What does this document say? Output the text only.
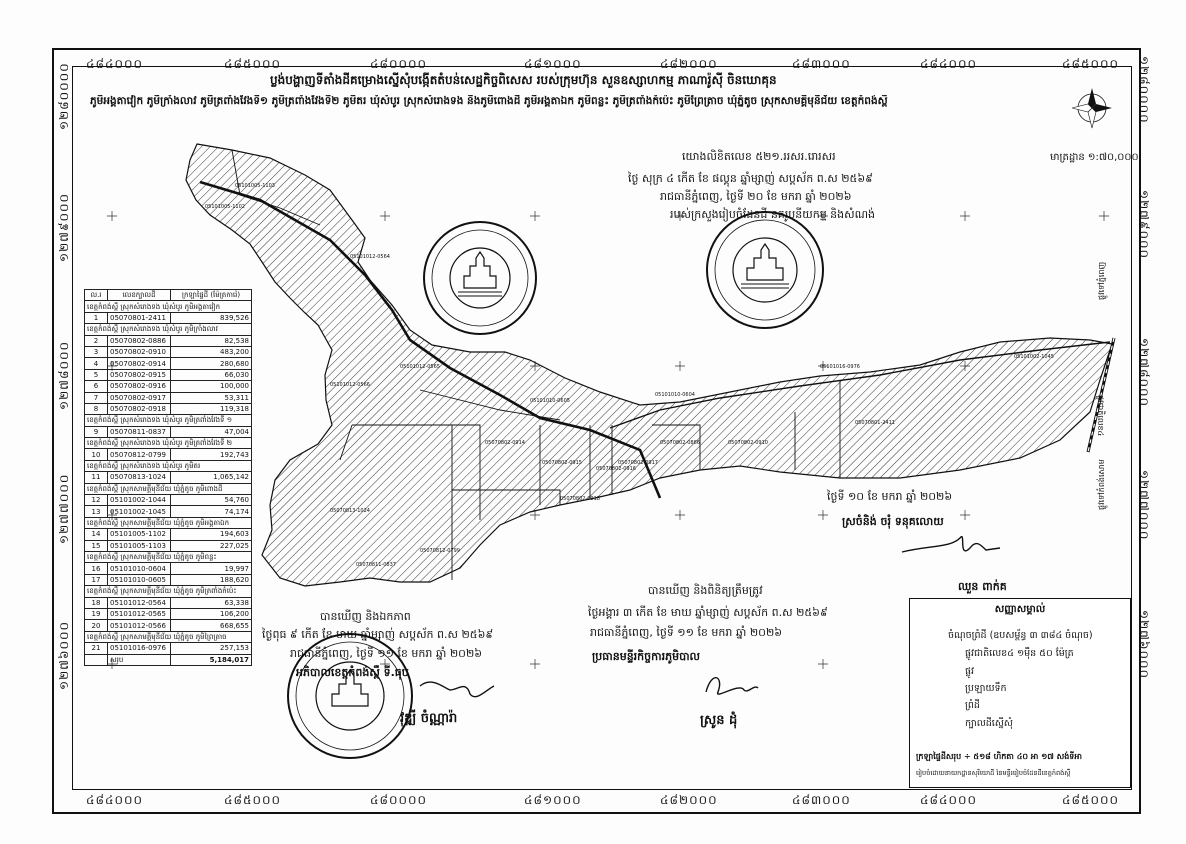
៤៨៤០០០	៤៨៥០០០	៤៨០០០០	៤៨១០០០	៤៨២០០០	៤៨៣០០០	៤៨៤០០០	៤៨៥០០០
៤៨៤០០០	៤៨៥០០០	៤៨០០០០	៤៨១០០០	៤៨២០០០	៤៨៣០០០	៤៨៤០០០	៤៨៥០០០
១២៨០០០០
១២៧៩០០០
១២៧៨០០០
១២៧៧០០០
១២៧៦០០០
១២៨០០០០
១២៧៩០០០
១២៧៨០០០
១២៧៧០០០
១២៧៦០០០
ប្លង់បង្ហាញទីតាំងដីគម្រោងស្នើសុំបង្កើតតំបន់សេដ្ឋកិច្ចពិសេស របស់ក្រុមហ៊ុន សួនឧស្សាហកម្ម ភាណារ៉ូសុី ចិនឃោគុន
ភូមិអង្គតាវៀក ភូមិក្រាំងលាវ ភូមិត្រពាំងវែងទី១ ភូមិត្រពាំងវែងទី២ ភូមិតរ ឃុំសំបូរ ស្រុកសំរោងទង និងភូមិពោងដី ភូមិអង្គតាឯក ភូមិពន្លះ ភូមិត្រពាំងកំប៉េះ ភូមិព្រៃត្រាច ឃុំភ្នំតូច ស្រុកសាមគ្គីមុនីជ័យ ខេត្តកំពង់ស្ពឺ
មាត្រដ្ឋាន ១:៧០,០០០
05101005-1103
05101005-1102
05101012-0564
05101012-0565
05101012-0566
05101010-0605
05101010-0604
05070802-0886	05070802-0910
05101016-0976
05101002-1045
05070801-2411
05070802-0914
05070802-0915
05070802-0916
05070802-0917
05070802-0918
05070813-1024
05070812-0799
05070811-0837
ផ្លូវទៅភ្នំពេញ
ផ្លូវជាតិលេខ៤
ផ្លូវទៅកំពង់សោម
យោងលិខិតលេខ ៥២១.ររសរ.រោរសរ
ថ្ងៃ សុក្រ ៤ កើត ខែ ផល្គុន ឆ្នាំម្សាញ់ សប្តស័ក ព.ស ២៥៦៩
រាជធានីភ្នំពេញ, ថ្ងៃទី ២០ ខែ មករា ឆ្នាំ ២០២៦
របស់ក្រសួងរៀបចំដែនដី នគរូបនីយកម្ម និងសំណង់
ថ្ងៃទី ១០ ខែ មករា ឆ្នាំ ២០២៦
ស្រចំនិង់ ចរុំ ទនុគលោយ
ឈួន ពាក់គ
បានឃើញ និងពិនិត្យត្រឹមត្រូវ
ថ្ងៃអង្គារ ៣ កើត ខែ មាឃ ឆ្នាំម្សាញ់ សប្តស័ក ព.ស ២៥៦៩
រាជធានីភ្នំពេញ, ថ្ងៃទី ១១ ខែ មករា ឆ្នាំ ២០២៦
ប្រធានមន្ទីរកិច្ចការភូមិបាល
ស្រូន ដុំ
បានឃើញ និងឯកភាព
ថ្ងៃពុធ ៩ កើត ខែ មាឃ ឆ្នាំម្សាញ់ សប្តស័ក ព.ស ២៥៦៩
រាជធានីភ្នំពេញ, ថ្ងៃទី ១១ ខែ មករា ឆ្នាំ ២០២៦
អភិបាលខេត្តកំពង់ស្ពឺ ទី.ធុប
វុឌ្ឍី ចំណ្ណារ៉ា
ល.រ	លេខក្បាលដី	ក្រឡាផ្ទៃដី (ម៉ែត្រការ៉េ)
ខេត្តកំពង់ស្ពឺ ស្រុកសំរោងទង ឃុំសំបូរ ភូមិអង្គតាវៀក		
1	05070801-2411	839,526
ខេត្តកំពង់ស្ពឺ ស្រុកសំរោងទង ឃុំសំបូរ ភូមិក្រាំងលាវ		
2	05070802-0886	82,538
3	05070802-0910	483,200
4	05070802-0914	280,680
5	05070802-0915	66,030
6	05070802-0916	100,000
7	05070802-0917	53,311
8	05070802-0918	119,318
ខេត្តកំពង់ស្ពឺ ស្រុកសំរោងទង ឃុំសំបូរ ភូមិត្រពាំងវែងទី ១		
9	05070811-0837	47,004
ខេត្តកំពង់ស្ពឺ ស្រុកសំរោងទង ឃុំសំបូរ ភូមិត្រពាំងវែងទី ២		
10	05070812-0799	192,743
ខេត្តកំពង់ស្ពឺ ស្រុកសំរោងទង ឃុំសំបូរ ភូមិតរ		
11	05070813-1024	1,065,142
ខេត្តកំពង់ស្ពឺ ស្រុកសាមគ្គីមុនីជ័យ ឃុំភ្នំតូច ភូមិពោងដី		
12	05101002-1044	54,760
13	05101002-1045	74,174
ខេត្តកំពង់ស្ពឺ ស្រុកសាមគ្គីមុនីជ័យ ឃុំភ្នំតូច ភូមិអង្គតាឯក		
14	05101005-1102	194,603
15	05101005-1103	227,025
ខេត្តកំពង់ស្ពឺ ស្រុកសាមគ្គីមុនីជ័យ ឃុំភ្នំតូច ភូមិពន្លះ		
16	05101010-0604	19,997
17	05101010-0605	188,620
ខេត្តកំពង់ស្ពឺ ស្រុកសាមគ្គីមុនីជ័យ ឃុំភ្នំតូច ភូមិត្រពាំងកំប៉េះ		
18	05101012-0564	63,338
19	05101012-0565	106,200
20	05101012-0566	668,655
ខេត្តកំពង់ស្ពឺ ស្រុកសាមគ្គីមុនីជ័យ ឃុំភ្នំតូច ភូមិព្រៃត្រាច		
21	05101016-0976	257,153
	សរុប	5,184,017
សញ្ញាសម្គាល់
ចំណុចព្រំដី (ឧបសម្ព័ន្ធ ៣ ៣៨៤ ចំណុច)
ផ្លូវជាតិលេខ៤ ១ម៉ឺន ៥០ ម៉ែត្រ
ផ្លូវ
ប្រឡាយទឹក
ព្រំដី
ក្បាលដីស្នើសុំ
ក្រឡាផ្ទៃដីសរុប ÷ ៥១៨ ហិកតា ៤០ អា ១៧ សង់ទីអា
រៀបចំដោយនាយកដ្ឋានសុរិយោដី នៃមន្ទីររៀបចំដែនដីខេត្តកំពង់ស្ពឺ
